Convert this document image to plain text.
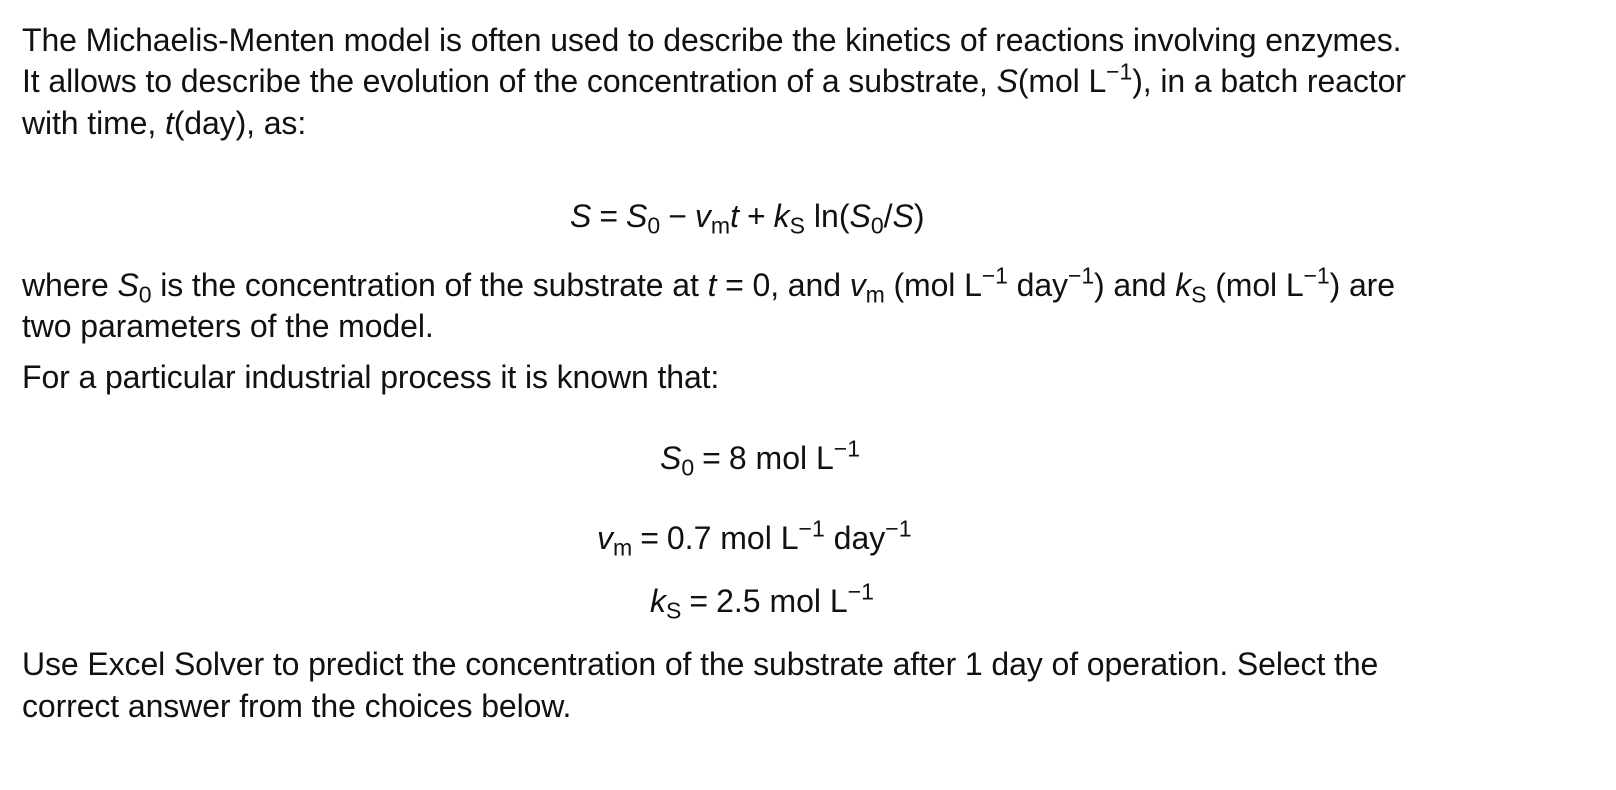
The Michaelis-Menten model is often used to describe the kinetics of reactions involving enzymes.
It allows to describe the evolution of the concentration of a substrate, S(mol $L^{-1}$), in a batch reactor
with time, t(day), as:
$S = S_0 - v_mt + k_S$ $\ln(S_0/S)$
where $S_0$ is the concentration of the substrate at t = 0, and $v_m$ (mol $L^{-1}$ day$^{-1}$) and $k_S$ (mol $L^{-1}$) are
two parameters of the model.
For a particular industrial process it is known that:
$S_0 = 8$ mol $L^{-1}$
$v_m = 0.7$ mol $L^{-1}$ day$^{-1}$
$k_S = 2.5$ mol $L^{-1}$
Use Excel Solver to predict the concentration of the substrate after 1 day of operation. Select the
correct answer from the choices below.
